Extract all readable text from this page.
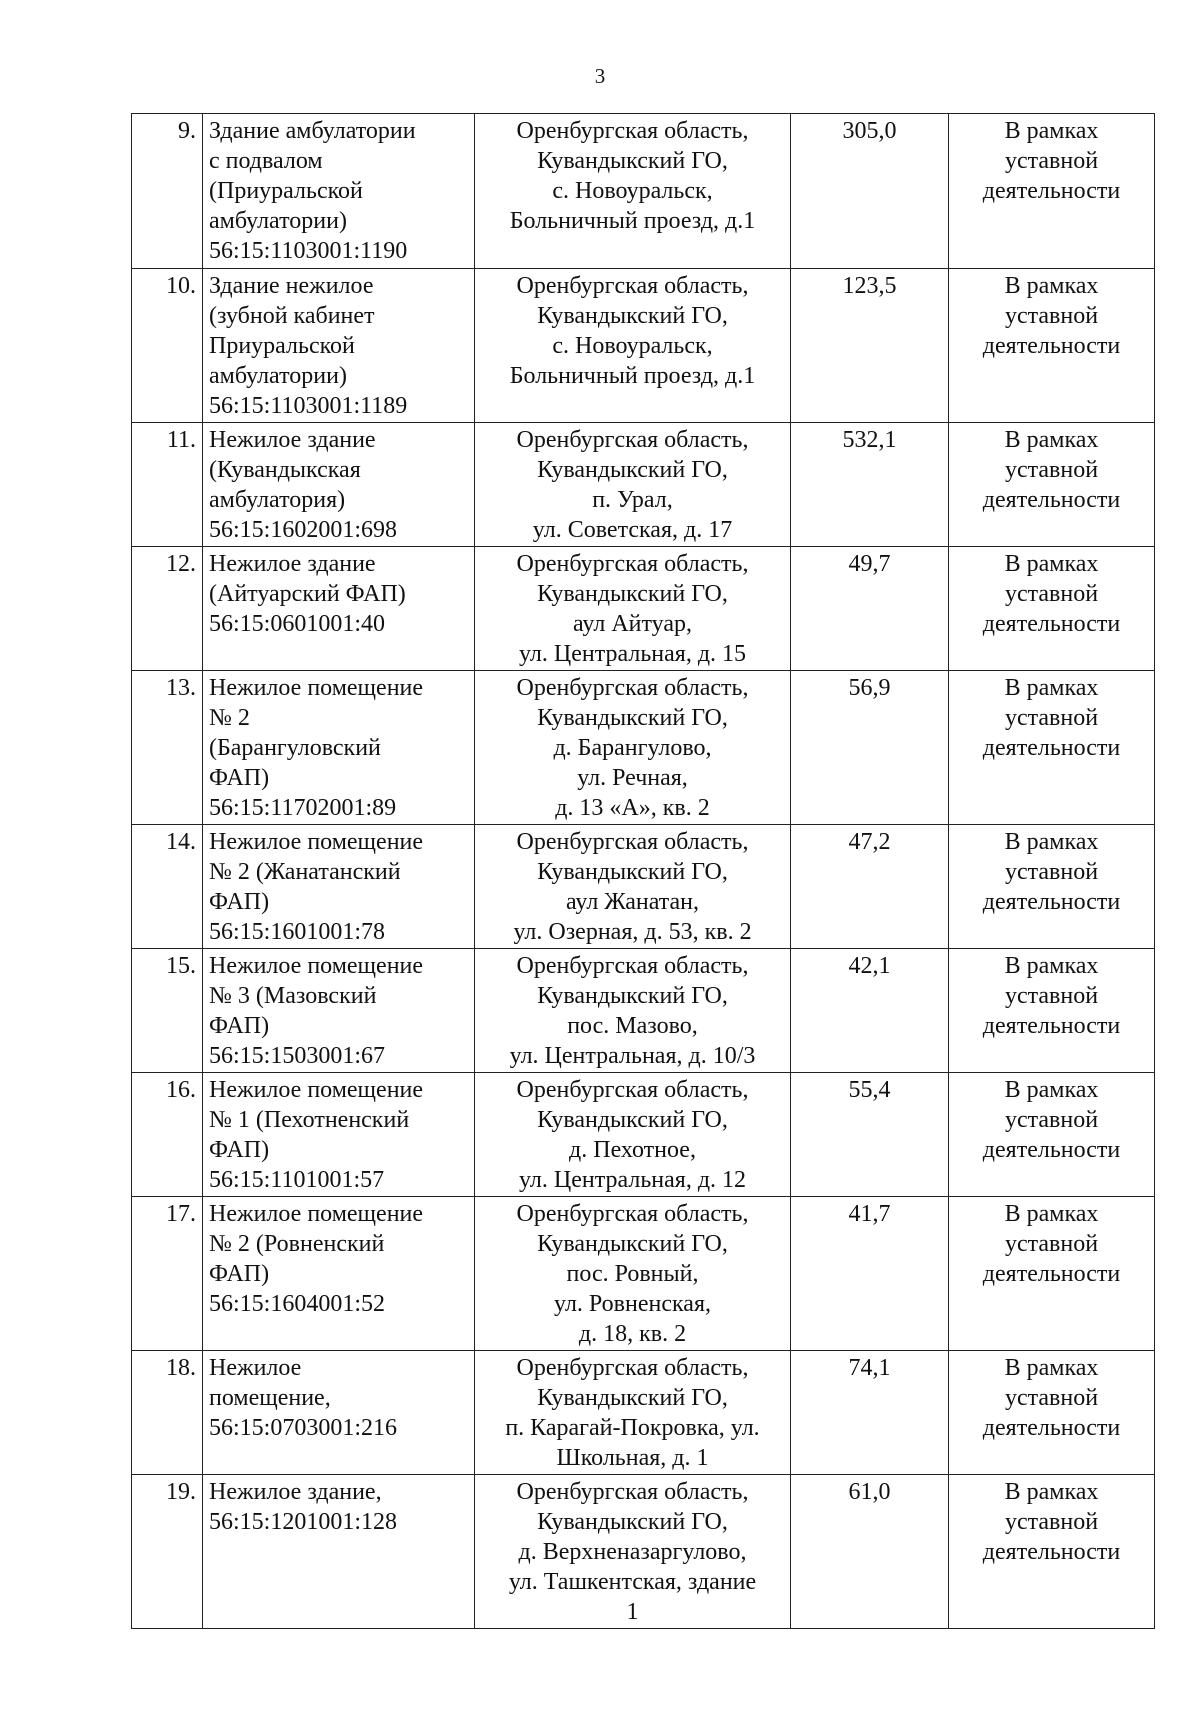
3
9.	Здание амбулатории
с подвалом
(Приуральской
амбулатории)
56:15:1103001:1190	Оренбургская область,
Кувандыкский ГО,
с. Новоуральск,
Больничный проезд, д.1	305,0	В рамках
уставной
деятельности
10.	Здание нежилое
(зубной кабинет
Приуральской
амбулатории)
56:15:1103001:1189	Оренбургская область,
Кувандыкский ГО,
с. Новоуральск,
Больничный проезд, д.1	123,5	В рамках
уставной
деятельности
11.	Нежилое здание
(Кувандыкская
амбулатория)
56:15:1602001:698	Оренбургская область,
Кувандыкский ГО,
п. Урал,
ул. Советская, д. 17	532,1	В рамках
уставной
деятельности
12.	Нежилое здание
(Айтуарский ФАП)
56:15:0601001:40	Оренбургская область,
Кувандыкский ГО,
аул Айтуар,
ул. Центральная, д. 15	49,7	В рамках
уставной
деятельности
13.	Нежилое помещение
№ 2
(Барангуловский
ФАП)
56:15:11702001:89	Оренбургская область,
Кувандыкский ГО,
д. Барангулово,
ул. Речная,
д. 13 «А», кв. 2	56,9	В рамках
уставной
деятельности
14.	Нежилое помещение
№ 2 (Жанатанский
ФАП)
56:15:1601001:78	Оренбургская область,
Кувандыкский ГО,
аул Жанатан,
ул. Озерная, д. 53, кв. 2	47,2	В рамках
уставной
деятельности
15.	Нежилое помещение
№ 3 (Мазовский
ФАП)
56:15:1503001:67	Оренбургская область,
Кувандыкский ГО,
пос. Мазово,
ул. Центральная, д. 10/3	42,1	В рамках
уставной
деятельности
16.	Нежилое помещение
№ 1 (Пехотненский
ФАП)
56:15:1101001:57	Оренбургская область,
Кувандыкский ГО,
д. Пехотное,
ул. Центральная, д. 12	55,4	В рамках
уставной
деятельности
17.	Нежилое помещение
№ 2 (Ровненский
ФАП)
56:15:1604001:52	Оренбургская область,
Кувандыкский ГО,
пос. Ровный,
ул. Ровненская,
д. 18, кв. 2	41,7	В рамках
уставной
деятельности
18.	Нежилое
помещение,
56:15:0703001:216	Оренбургская область,
Кувандыкский ГО,
п. Карагай-Покровка, ул.
Школьная, д. 1	74,1	В рамках
уставной
деятельности
19.	Нежилое здание,
56:15:1201001:128	Оренбургская область,
Кувандыкский ГО,
д. Верхненазаргулово,
ул. Ташкентская, здание
1	61,0	В рамках
уставной
деятельности
